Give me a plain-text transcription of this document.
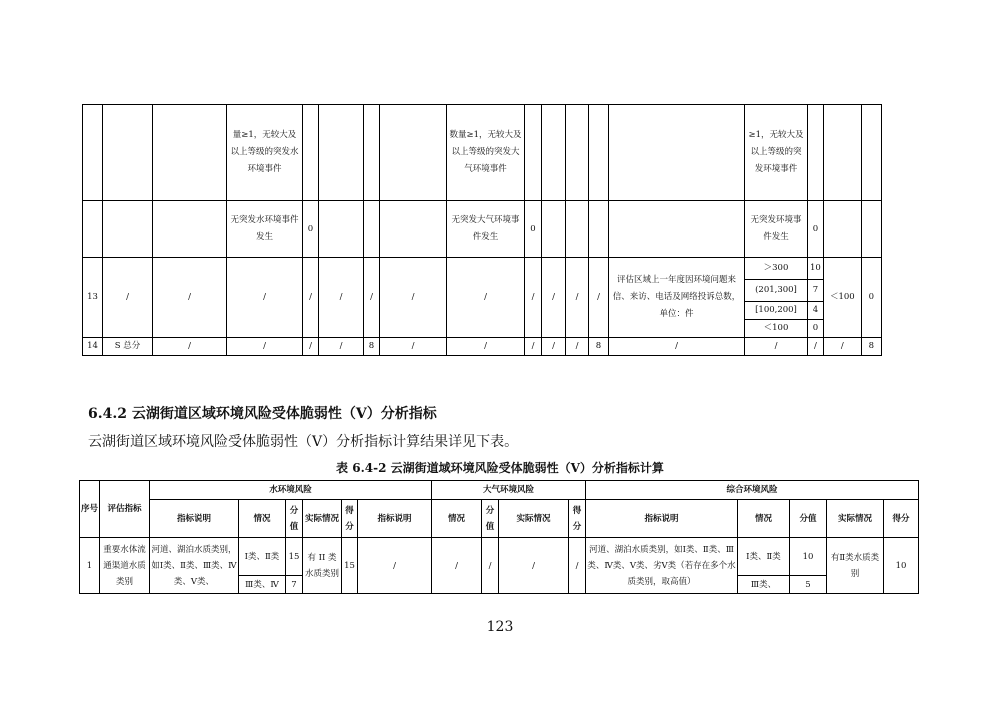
			量≥1，无较大及以上等级的突发水环境事件					数量≥1，无较大及以上等级的突发大气环境事件						≥1，无较大及以上等级的突发环境事件			
			无突发水环境事件发生	0				无突发大气环境事件发生	0					无突发环境事件发生	0		
13	/	/	/	/	/	/	/	/	/	/	/	/	评估区域上一年度因环境问题来信、来访、电话及网络投诉总数，单位：件	＞300	10	＜100	0
														(201,300]	7		
														[100,200]	4		
														＜100	0		
14	S 总分	/	/	/	/	8	/	/	/	/	/	8	/	/	/	/	8
6.4.2 云湖街道区域环境风险受体脆弱性（V）分析指标
云湖街道区域环境风险受体脆弱性（V）分析指标计算结果详见下表。
表 6.4-2 云湖街道域环境风险受体脆弱性（V）分析指标计算
序号	评估指标	水环境风险						大气环境风险				综合环境风险				
		指标说明	情况	分值	实际情况	得分	指标说明	情况	分值	实际情况	得分	指标说明	情况	分值	实际情况	得分
1	重要水体流通渠道水质类别	河道、湖泊水质类别，如Ⅰ类、Ⅱ类、Ⅲ类、Ⅳ类、Ⅴ类、	Ⅰ类、Ⅱ类	15	有 II 类水质类别	15	/	/	/	/	/	河道、湖泊水质类别，如Ⅰ类、Ⅱ类、Ⅲ类、Ⅳ类、Ⅴ类、劣Ⅴ类（若存在多个水质类别，取高值）	Ⅰ类、Ⅱ类	10	有Ⅱ类水质类别	10
			Ⅲ类、Ⅳ	7									Ⅲ类、	5		
123
